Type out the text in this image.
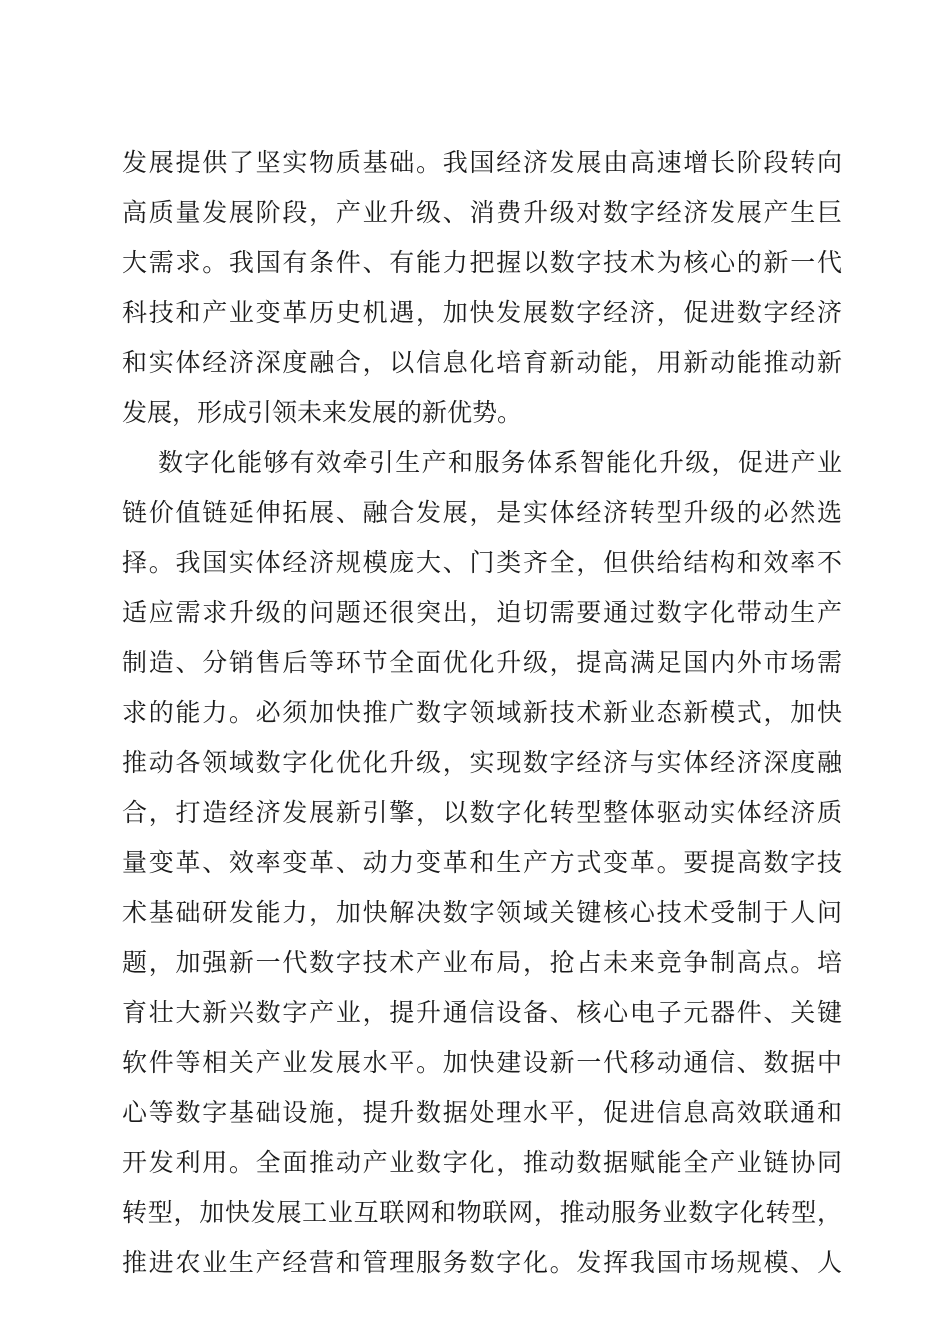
发展提供了坚实物质基础。我国经济发展由高速增长阶段转向
高质量发展阶段，产业升级、消费升级对数字经济发展产生巨
大需求。我国有条件、有能力把握以数字技术为核心的新一代
科技和产业变革历史机遇，加快发展数字经济，促进数字经济
和实体经济深度融合，以信息化培育新动能，用新动能推动新
发展，形成引领未来发展的新优势。
数字化能够有效牵引生产和服务体系智能化升级，促进产业
链价值链延伸拓展、融合发展，是实体经济转型升级的必然选
择。我国实体经济规模庞大、门类齐全，但供给结构和效率不
适应需求升级的问题还很突出，迫切需要通过数字化带动生产
制造、分销售后等环节全面优化升级，提高满足国内外市场需
求的能力。必须加快推广数字领域新技术新业态新模式，加快
推动各领域数字化优化升级，实现数字经济与实体经济深度融
合，打造经济发展新引擎，以数字化转型整体驱动实体经济质
量变革、效率变革、动力变革和生产方式变革。要提高数字技
术基础研发能力，加快解决数字领域关键核心技术受制于人问
题，加强新一代数字技术产业布局，抢占未来竞争制高点。培
育壮大新兴数字产业，提升通信设备、核心电子元器件、关键
软件等相关产业发展水平。加快建设新一代移动通信、数据中
心等数字基础设施，提升数据处理水平，促进信息高效联通和
开发利用。全面推动产业数字化，推动数据赋能全产业链协同
转型，加快发展工业互联网和物联网，推动服务业数字化转型，
推进农业生产经营和管理服务数字化。发挥我国市场规模、人
